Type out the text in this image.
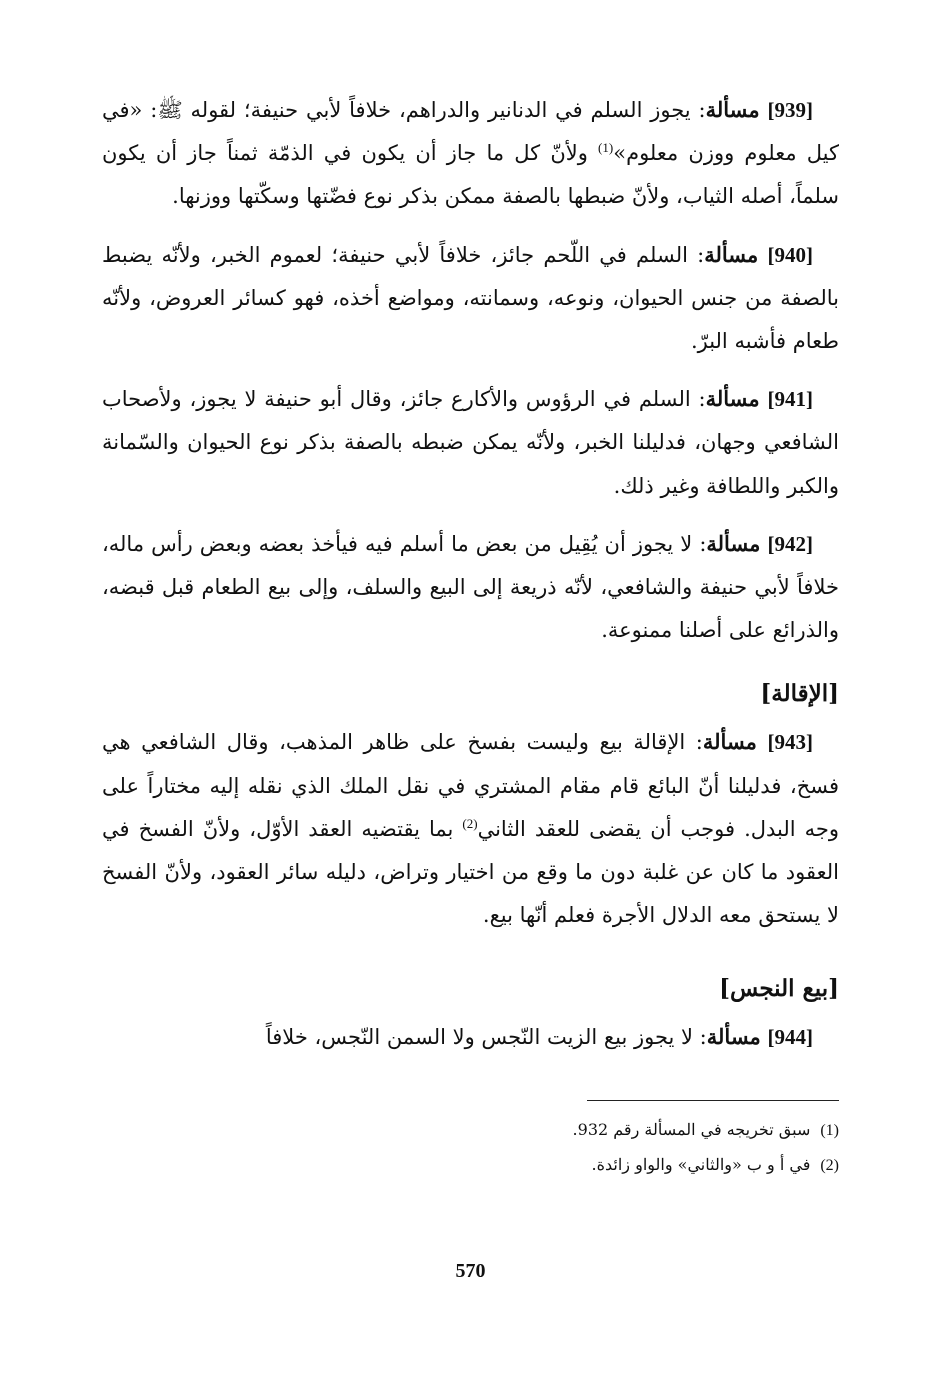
[939] مسألة: يجوز السلم في الدنانير والدراهم، خلافاً لأبي حنيفة؛ لقوله ﷺ: «في كيل معلوم ووزن معلوم»$^{(1)}$ ولأنّ كل ما جاز أن يكون في الذمّة ثمناً جاز أن يكون سلماً، أصله الثياب، ولأنّ ضبطها بالصفة ممكن بذكر نوع فضّتها وسكّتها ووزنها.

[940] مسألة: السلم في اللّحم جائز، خلافاً لأبي حنيفة؛ لعموم الخبر، ولأنّه يضبط بالصفة من جنس الحيوان، ونوعه، وسمانته، ومواضع أخذه، فهو كسائر العروض، ولأنّه طعام فأشبه البرّ.

[941] مسألة: السلم في الرؤوس والأكارع جائز، وقال أبو حنيفة لا يجوز، ولأصحاب الشافعي وجهان، فدليلنا الخبر، ولأنّه يمكن ضبطه بالصفة بذكر نوع الحيوان والسّمانة والكبر واللطافة وغير ذلك.

[942] مسألة: لا يجوز أن يُقِيل من بعض ما أسلم فيه فيأخذ بعضه وبعض رأس ماله، خلافاً لأبي حنيفة والشافعي، لأنّه ذريعة إلى البيع والسلف، وإلى بيع الطعام قبل قبضه، والذرائع على أصلنا ممنوعة.

[الإقالة]

[943] مسألة: الإقالة بيع وليست بفسخ على ظاهر المذهب، وقال الشافعي هي فسخ، فدليلنا أنّ البائع قام مقام المشتري في نقل الملك الذي نقله إليه مختاراً على وجه البدل. فوجب أن يقضى للعقد الثاني$^{(2)}$ بما يقتضيه العقد الأوّل، ولأنّ الفسخ في العقود ما كان عن غلبة دون ما وقع من اختيار وتراض، دليله سائر العقود، ولأنّ الفسخ لا يستحق معه الدلال الأجرة فعلم أنّها بيع.

[بيع النجس]

[944] مسألة: لا يجوز بيع الزيت النّجس ولا السمن النّجس، خلافاً

(1)سبق تخريجه في المسألة رقم 932.

(2)في أ و ب «والثاني» والواو زائدة.

570
